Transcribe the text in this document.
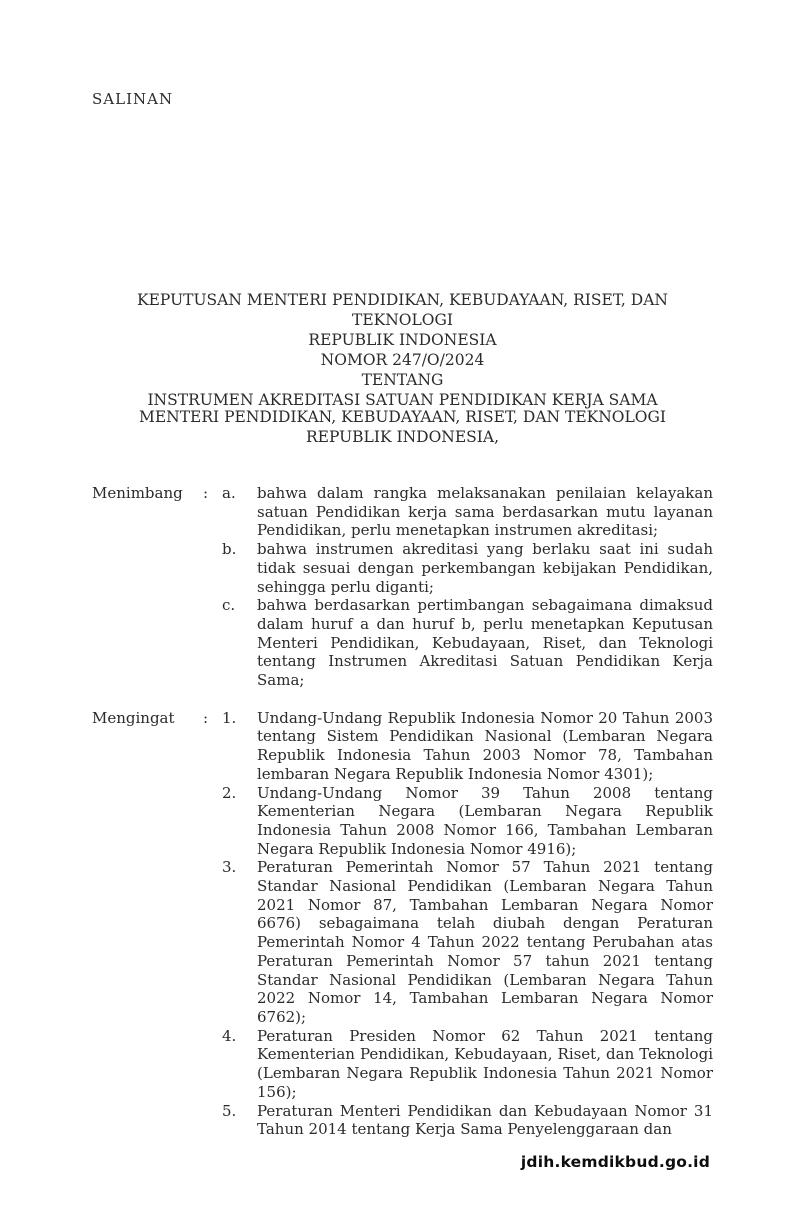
SALINAN
KEPUTUSAN MENTERI PENDIDIKAN, KEBUDAYAAN, RISET, DAN TEKNOLOGI
REPUBLIK INDONESIA
NOMOR 247/O/2024
TENTANG
INSTRUMEN AKREDITASI SATUAN PENDIDIKAN KERJA SAMA
MENTERI PENDIDIKAN, KEBUDAYAAN, RISET, DAN TEKNOLOGI
REPUBLIK INDONESIA,
Menimbang	: a.	bahwa dalam rangka melaksanakan penilaian kelayakan satuan Pendidikan kerja sama berdasarkan mutu layanan Pendidikan, perlu menetapkan instrumen akreditasi;

b.	bahwa instrumen akreditasi yang berlaku saat ini sudah tidak sesuai dengan perkembangan kebijakan Pendidikan, sehingga perlu diganti;

c.	bahwa berdasarkan pertimbangan sebagaimana dimaksud dalam huruf a dan huruf b, perlu menetapkan Keputusan Menteri Pendidikan, Kebudayaan, Riset, dan Teknologi tentang Instrumen Akreditasi Satuan Pendidikan Kerja Sama;

Mengingat	: 1.	Undang-Undang Republik Indonesia Nomor 20 Tahun 2003 tentang Sistem Pendidikan Nasional (Lembaran Negara Republik Indonesia Tahun 2003 Nomor 78, Tambahan lembaran Negara Republik Indonesia Nomor 4301);

2.	Undang-Undang Nomor 39 Tahun 2008 tentang Kementerian Negara (Lembaran Negara Republik Indonesia Tahun 2008 Nomor 166, Tambahan Lembaran Negara Republik Indonesia Nomor 4916);

3.	Peraturan Pemerintah Nomor 57 Tahun 2021 tentang Standar Nasional Pendidikan (Lembaran Negara Tahun 2021 Nomor 87, Tambahan Lembaran Negara Nomor 6676) sebagaimana telah diubah dengan Peraturan Pemerintah Nomor 4 Tahun 2022 tentang Perubahan atas Peraturan Pemerintah Nomor 57 tahun 2021 tentang Standar Nasional Pendidikan (Lembaran Negara Tahun 2022 Nomor 14, Tambahan Lembaran Negara Nomor 6762);

4.	Peraturan Presiden Nomor 62 Tahun 2021 tentang Kementerian Pendidikan, Kebudayaan, Riset, dan Teknologi (Lembaran Negara Republik Indonesia Tahun 2021 Nomor 156);

5.	Peraturan Menteri Pendidikan dan Kebudayaan Nomor 31 Tahun 2014 tentang Kerja Sama Penyelenggaraan dan

jdih.kemdikbud.go.id
